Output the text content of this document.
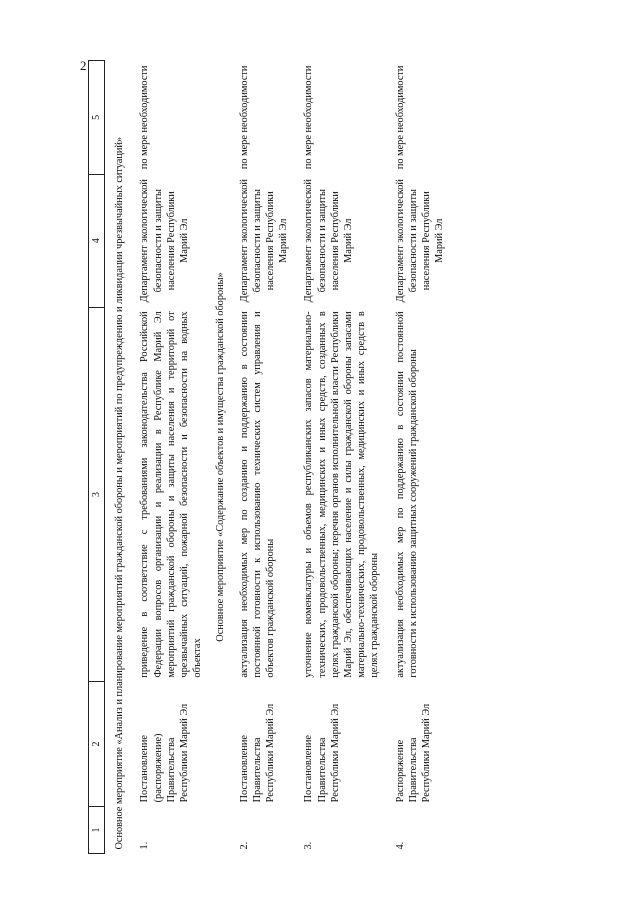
2
1	2	3	4	5
Основное мероприятие «Анализ и планирование мероприятий гражданской обороны и мероприятий по предупреждению и ликвидации чрезвычайных ситуаций»				
1.	Постановление (распоряжение) Правительства Республики Марий Эл	приведение в соответствие с требованиями законодательства Российской Федерации вопросов организации и реализации в Республике Марий Эл мероприятий гражданской обороны и защиты населения и территорий от чрезвычайных ситуаций, пожарной безопасности и безопасности на водных объектах	Департамент экологической безопасности и защиты населения Республики Марий Эл	по мере необходимости
Основное мероприятие «Содержание объектов и имущества гражданской обороны»				
2.	Постановление Правительства Республики Марий Эл	актуализация необходимых мер по созданию и поддержанию в состоянии постоянной готовности к использованию технических систем управления и объектов гражданской обороны	Департамент экологической безопасности и защиты населения Республики Марий Эл	по мере необходимости
3.	Постановление Правительства Республики Марий Эл	уточнение номенклатуры и объемов республиканских запасов материально-технических, продовольственных, медицинских и иных средств, созданных в целях гражданской обороны; перечня органов исполнительной власти Республики Марий Эл, обеспечивающих население и силы гражданской обороны запасами материально-технических, продовольственных, медицинских и иных средств в целях гражданской обороны	Департамент экологической безопасности и защиты населения Республики Марий Эл	по мере необходимости
4.	Распоряжение Правительства Республики Марий Эл	актуализация необходимых мер по поддержанию в состоянии постоянной готовности к использованию защитных сооружений гражданской обороны	Департамент экологической безопасности и защиты населения Республики Марий Эл	по мере необходимости
